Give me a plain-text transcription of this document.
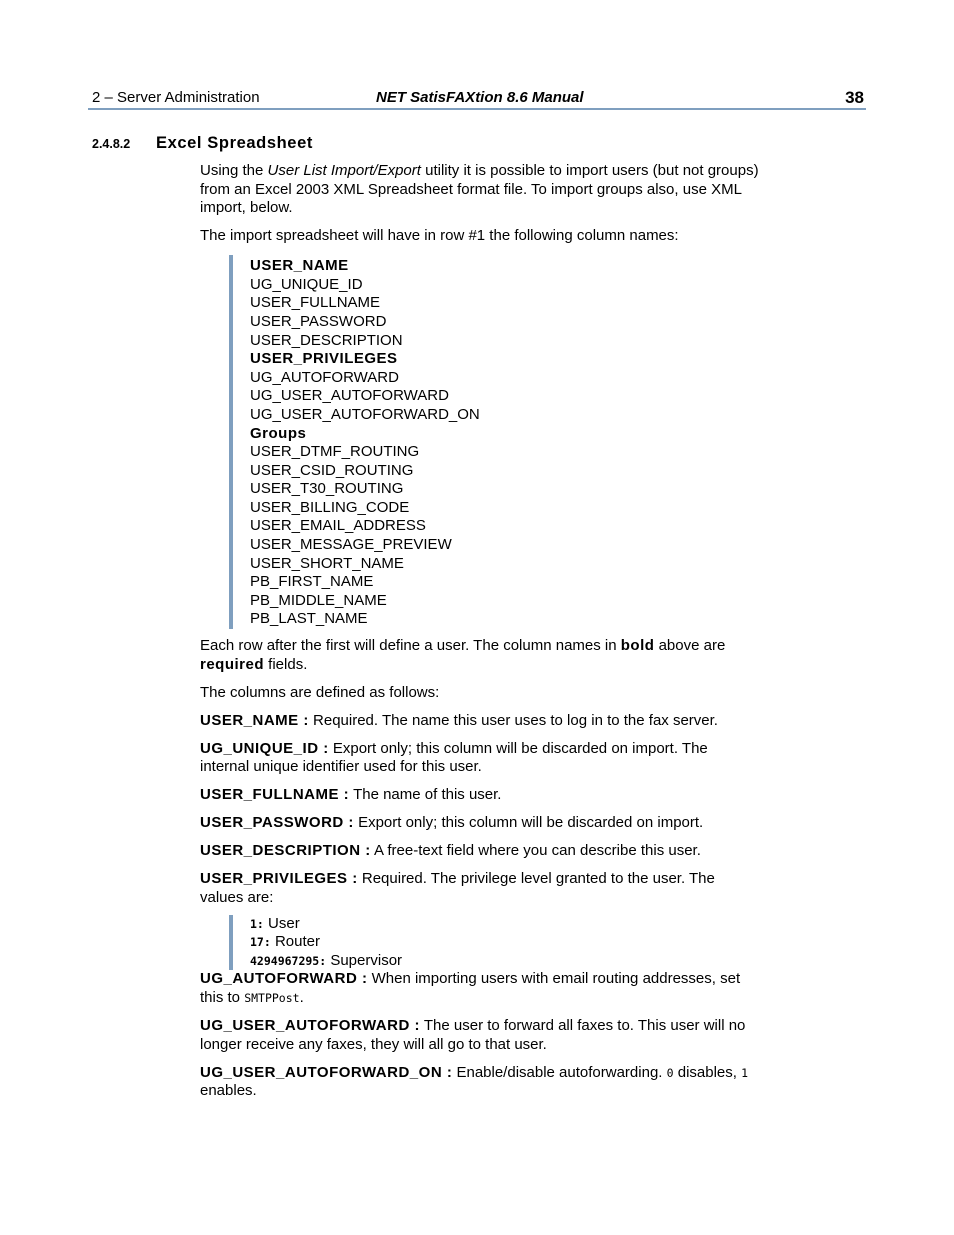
2 – Server Administration	NET SatisFAXtion 8.6 Manual	38
2.4.8.2 Excel Spreadsheet

Using the User List Import/Export utility it is possible to import users (but not groups) from an Excel 2003 XML Spreadsheet format file. To import groups also, use XML import, below.

The import spreadsheet will have in row #1 the following column names:

USER_NAME
UG_UNIQUE_ID
USER_FULLNAME
USER_PASSWORD
USER_DESCRIPTION
USER_PRIVILEGES
UG_AUTOFORWARD
UG_USER_AUTOFORWARD
UG_USER_AUTOFORWARD_ON
Groups
USER_DTMF_ROUTING
USER_CSID_ROUTING
USER_T30_ROUTING
USER_BILLING_CODE
USER_EMAIL_ADDRESS
USER_MESSAGE_PREVIEW
USER_SHORT_NAME
PB_FIRST_NAME
PB_MIDDLE_NAME
PB_LAST_NAME

Each row after the first will define a user. The column names in bold above are required fields.

The columns are defined as follows:

USER_NAME : Required. The name this user uses to log in to the fax server.

UG_UNIQUE_ID : Export only; this column will be discarded on import. The internal unique identifier used for this user.

USER_FULLNAME : The name of this user.

USER_PASSWORD : Export only; this column will be discarded on import.

USER_DESCRIPTION : A free-text field where you can describe this user.

USER_PRIVILEGES : Required. The privilege level granted to the user. The values are:

1: User
17: Router
4294967295: Supervisor

UG_AUTOFORWARD : When importing users with email routing addresses, set this to SMTPPost.

UG_USER_AUTOFORWARD : The user to forward all faxes to. This user will no longer receive any faxes, they will all go to that user.

UG_USER_AUTOFORWARD_ON : Enable/disable autoforwarding. 0 disables, 1 enables.
